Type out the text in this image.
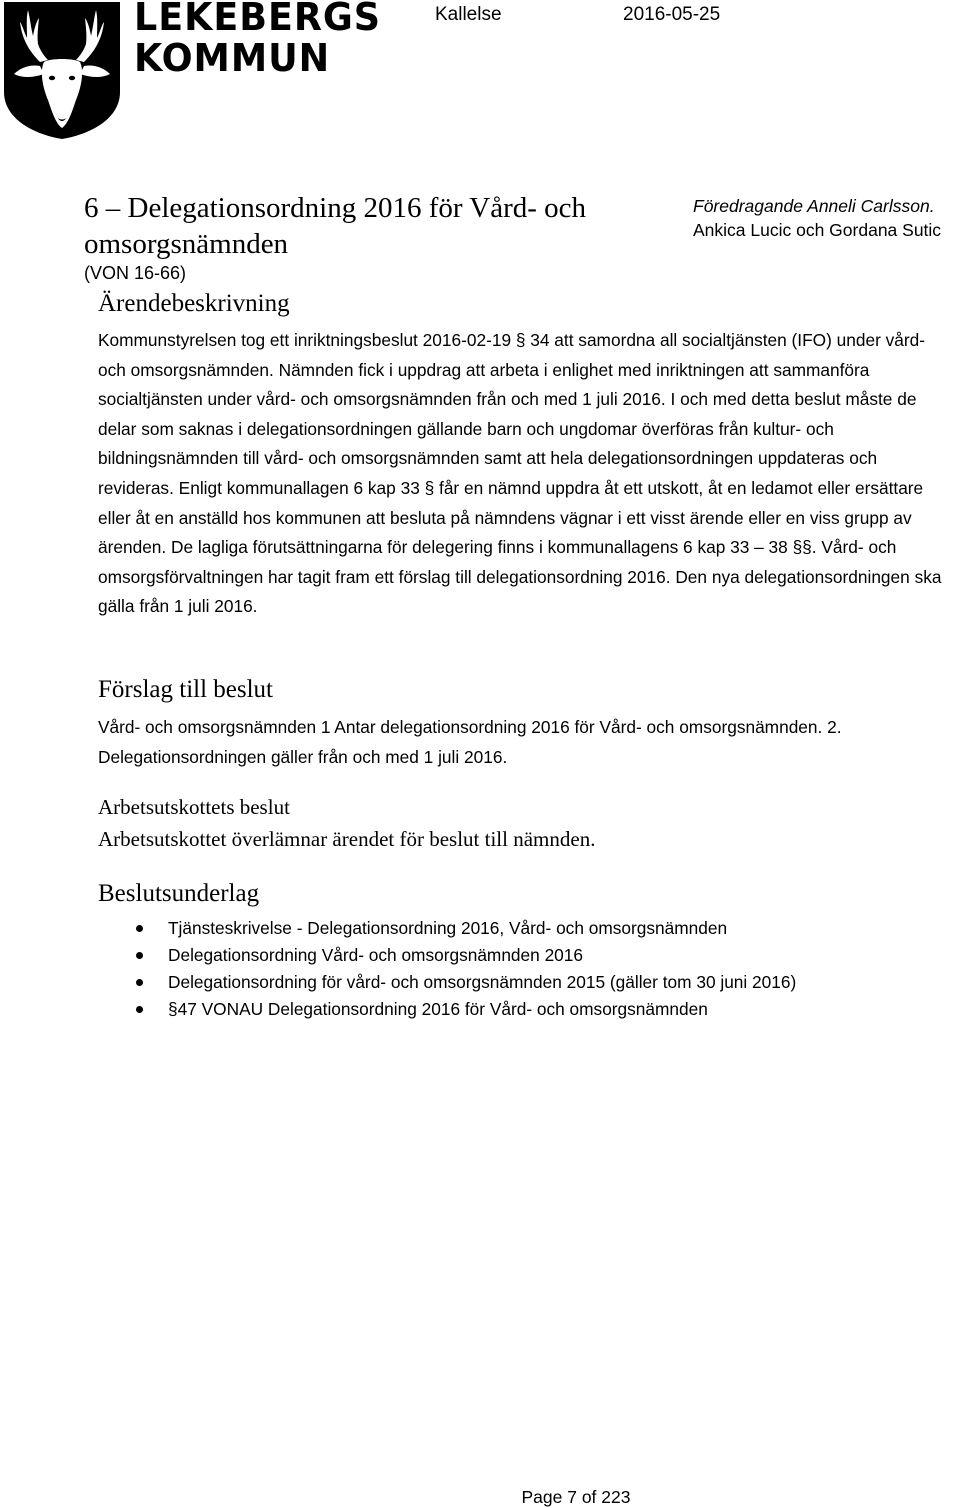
LEKEBERGS
KOMMUN
Kallelse	2016-05-25
6 – Delegationsordning 2016 för Vård- och
omsorgsnämnden
(VON 16-66)
Föredragande Anneli Carlsson.
Ankica Lucic och Gordana Sutic
Ärendebeskrivning
Kommunstyrelsen tog ett inriktningsbeslut 2016-02-19 § 34 att samordna all socialtjänsten (IFO) under vård- och omsorgsnämnden. Nämnden fick i uppdrag att arbeta i enlighet med inriktningen att sammanföra socialtjänsten under vård- och omsorgsnämnden från och med 1 juli 2016. I och med detta beslut måste de delar som saknas i delegationsordningen gällande barn och ungdomar överföras från kultur- och bildningsnämnden till vård- och omsorgsnämnden samt att hela delegationsordningen uppdateras och revideras. Enligt kommunallagen 6 kap 33 § får en nämnd uppdra åt ett utskott, åt en ledamot eller ersättare eller åt en anställd hos kommunen att besluta på nämndens vägnar i ett visst ärende eller en viss grupp av ärenden. De lagliga förutsättningarna för delegering finns i kommunallagens 6 kap 33 – 38 §§. Vård- och omsorgsförvaltningen har tagit fram ett förslag till delegationsordning 2016. Den nya delegationsordningen ska gälla från 1 juli 2016.
Förslag till beslut
Vård- och omsorgsnämnden 1 Antar delegationsordning 2016 för Vård- och omsorgsnämnden. 2. Delegationsordningen gäller från och med 1 juli 2016.
Arbetsutskottets beslut
Arbetsutskottet överlämnar ärendet för beslut till nämnden.
Beslutsunderlag
Tjänsteskrivelse - Delegationsordning 2016, Vård- och omsorgsnämnden
Delegationsordning Vård- och omsorgsnämnden 2016
Delegationsordning för vård- och omsorgsnämnden 2015 (gäller tom 30 juni 2016)
§47 VONAU Delegationsordning 2016 för Vård- och omsorgsnämnden
Page 7 of 223
